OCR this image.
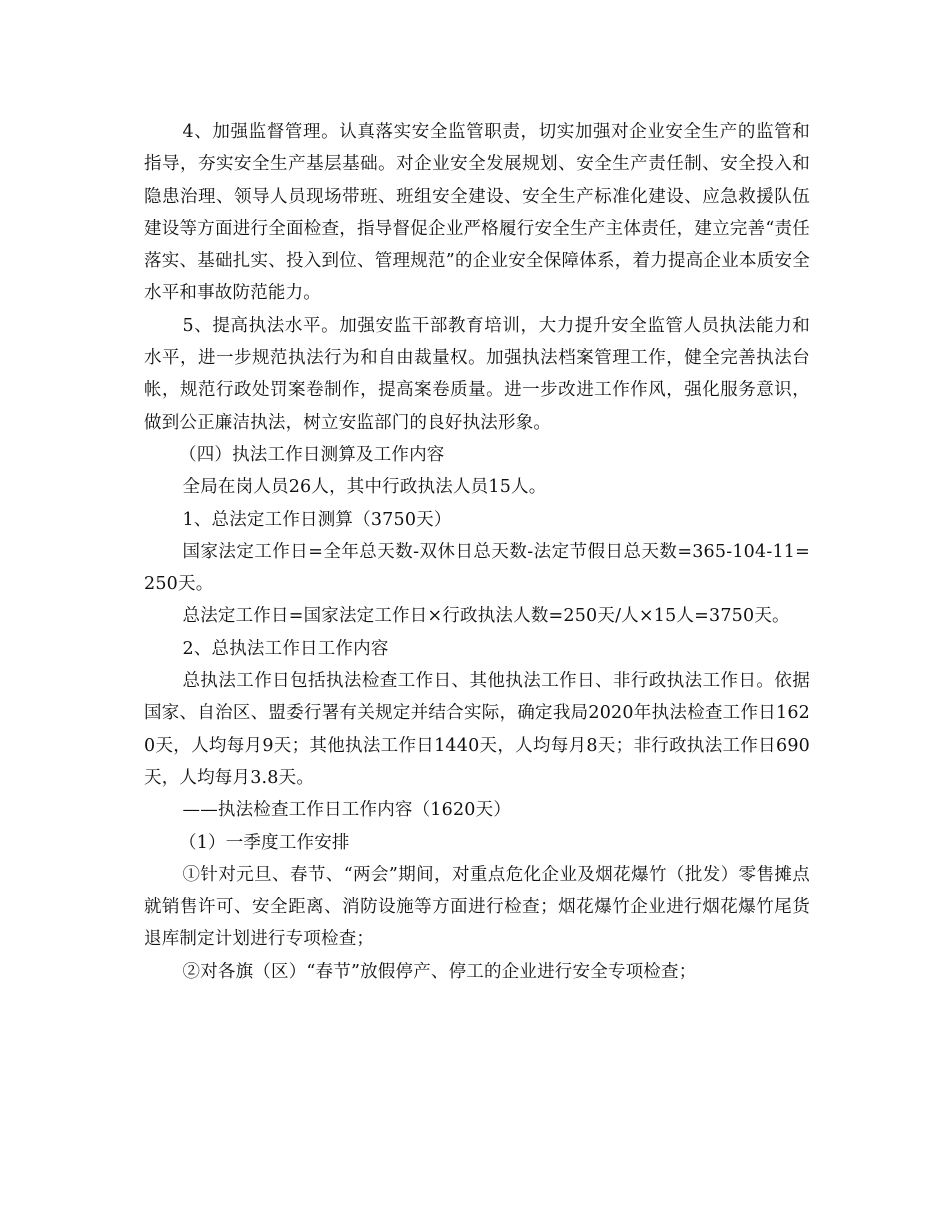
4、加强监督管理。认真落实安全监管职责，切实加强对企业安全生产的监管和指导，夯实安全生产基层基础。对企业安全发展规划、安全生产责任制、安全投入和隐患治理、领导人员现场带班、班组安全建设、安全生产标准化建设、应急救援队伍建设等方面进行全面检查，指导督促企业严格履行安全生产主体责任，建立完善“责任落实、基础扎实、投入到位、管理规范”的企业安全保障体系，着力提高企业本质安全水平和事故防范能力。

5、提高执法水平。加强安监干部教育培训，大力提升安全监管人员执法能力和水平，进一步规范执法行为和自由裁量权。加强执法档案管理工作，健全完善执法台帐，规范行政处罚案卷制作，提高案卷质量。进一步改进工作作风，强化服务意识，做到公正廉洁执法，树立安监部门的良好执法形象。

（四）执法工作日测算及工作内容

全局在岗人员26人，其中行政执法人员15人。

1、总法定工作日测算（3750天）

国家法定工作日=全年总天数-双休日总天数-法定节假日总天数=365-104-11=250天。

总法定工作日=国家法定工作日×行政执法人数=250天/人×15人=3750天。

2、总执法工作日工作内容

总执法工作日包括执法检查工作日、其他执法工作日、非行政执法工作日。依据国家、自治区、盟委行署有关规定并结合实际，确定我局2020年执法检查工作日1620天，人均每月9天；其他执法工作日1440天，人均每月8天；非行政执法工作日690天，人均每月3.8天。

——执法检查工作日工作内容（1620天）

（1）一季度工作安排

①针对元旦、春节、“两会”期间，对重点危化企业及烟花爆竹（批发）零售摊点就销售许可、安全距离、消防设施等方面进行检查；烟花爆竹企业进行烟花爆竹尾货退库制定计划进行专项检查；

②对各旗（区）“春节”放假停产、停工的企业进行安全专项检查；
